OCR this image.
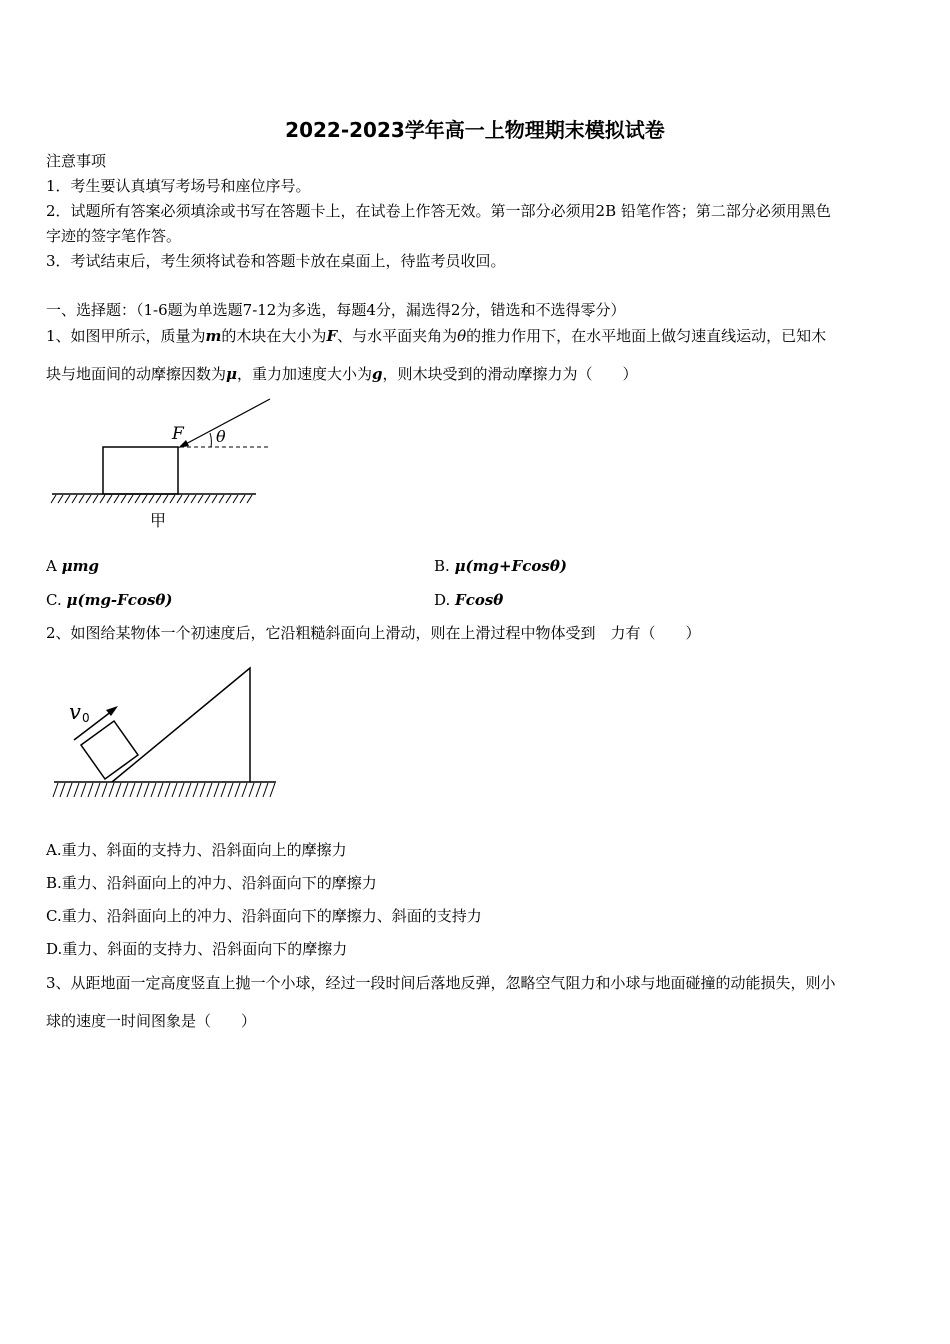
2022-2023学年高一上物理期末模拟试卷
注意事项
1．考生要认真填写考场号和座位序号。
2．试题所有答案必须填涂或书写在答题卡上，在试卷上作答无效。第一部分必须用2B 铅笔作答；第二部分必须用黑色
字迹的签字笔作答。
3．考试结束后，考生须将试卷和答题卡放在桌面上，待监考员收回。
一、选择题：（1-6题为单选题7-12为多选，每题4分，漏选得2分，错选和不选得零分）
1、如图甲所示，质量为m的木块在大小为F、与水平面夹角为θ的推力作用下，在水平地面上做匀速直线运动，已知木
块与地面间的动摩擦因数为μ，重力加速度大小为g，则木块受到的滑动摩擦力为（　　）
F θ
甲
A μmg	B. μ(mg+Fcosθ)
C. μ(mg-Fcosθ)	D. Fcosθ
2、如图给某物体一个初速度后，它沿粗糙斜面向上滑动，则在上滑过程中物体受到　力有（　　）
v 0
A.重力、斜面的支持力、沿斜面向上的摩擦力
B.重力、沿斜面向上的冲力、沿斜面向下的摩擦力
C.重力、沿斜面向上的冲力、沿斜面向下的摩擦力、斜面的支持力
D.重力、斜面的支持力、沿斜面向下的摩擦力
3、从距地面一定高度竖直上抛一个小球，经过一段时间后落地反弹，忽略空气阻力和小球与地面碰撞的动能损失，则小
球的速度一时间图象是（　　）
